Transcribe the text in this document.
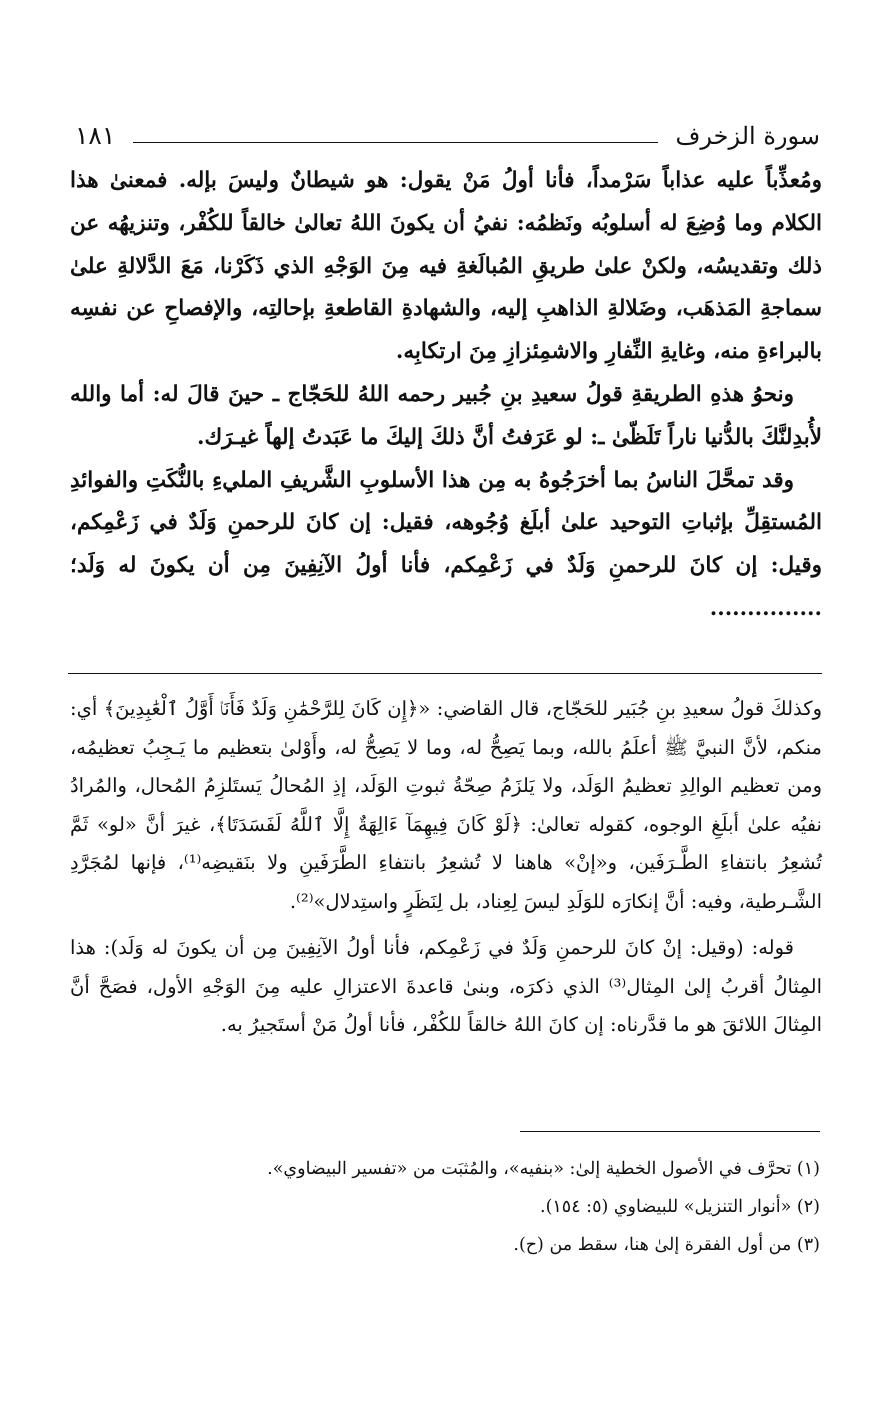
سورة الزخرف
١٨١

ومُعذِّباً عليه عذاباً سَرْمداً، فأنا أولُ مَنْ يقول: هو شيطانٌ وليسَ بإله. فمعنىٰ هذا الكلام وما وُضِعَ له أسلوبُه ونَظمُه: نفيُ أن يكونَ اللهُ تعالىٰ خالقاً للكُفْر، وتنزيهُه عن ذلك وتقديسُه، ولكنْ علىٰ طريقِ المُبالَغةِ فيه مِنَ الوَجْهِ الذي ذَكَرْنا، مَعَ الدَّلالةِ علىٰ سماجةِ المَذهَب، وضَلالةِ الذاهبِ إليه، والشهادةِ القاطعةِ بإحالتِه، والإفصاحِ عن نفسِه بالبراءةِ منه، وغايةِ النِّفارِ والاشمِئزازِ مِنَ ارتكابِه.

ونحوُ هذهِ الطريقةِ قولُ سعيدِ بنِ جُبير رحمه اللهُ للحَجّاج ـ حينَ قالَ له: أما والله لأُبدِلنَّكَ بالدُّنيا ناراً تَلَظّىٰ ـ: لو عَرَفتُ أنَّ ذلكَ إليكَ ما عَبَدتُ إلهاً غيـرَك.

وقد تمحَّلَ الناسُ بما أخرَجُوهُ به مِن هذا الأسلوبِ الشَّريفِ المليءِ بالنُّكَتِ والفوائدِ المُستقِلِّ بإثباتِ التوحيد علىٰ أبلَغ وُجُوهه، فقيل: إن كانَ للرحمنِ وَلَدٌ في زَعْمِكم، وقيل: إن كانَ للرحمنِ وَلَدٌ في زَعْمِكم، فأنا أولُ الآنِفِينَ مِن أن يكونَ له وَلَد؛ ...............

وكذلكَ قولُ سعيدِ بنِ جُبَير للحَجّاج، قال القاضي: «﴿إِن كَانَ لِلرَّحْمَٰنِ وَلَدٌ فَأَنَا۠ أَوَّلُ ٱلْعَٰبِدِينَ﴾ أي: منكم، لأنَّ النبيَّ ﷺ أعلَمُ بالله، وبما يَصِحُّ له، وما لا يَصِحُّ له، وأَوْلىٰ بتعظيم ما يَـجِبُ تعظيمُه، ومن تعظيم الوالِدِ تعظيمُ الوَلَد، ولا يَلزَمُ صِحّةُ ثبوتِ الوَلَد، إذِ المُحالُ يَستَلزِمُ المُحال، والمُرادُ نفيُه علىٰ أبلَغِ الوجوه، كقوله تعالىٰ: ﴿لَوْ كَانَ فِيهِمَآ ءَالِهَةٌ إِلَّا ٱللَّهُ لَفَسَدَتَا﴾، غيرَ أنَّ «لو» ثَمَّ تُشعِرُ بانتفاءِ الطَّـرَفَين، و«إنْ» هاهنا لا تُشعِرُ بانتفاءِ الطَّرَفَينِ ولا بنَقيضِه⁽¹⁾، فإنها لمُجَرَّدِ الشَّـرطية، وفيه: أنَّ إنكارَه للوَلَدِ ليسَ لِعِناد، بل لِنَظَرٍ واستِدلال»⁽²⁾.

قوله: (وقيل: إنْ كانَ للرحمنِ وَلَدٌ في زَعْمِكم، فأنا أولُ الآنِفِينَ مِن أن يكونَ له وَلَد): هذا المِثالُ أقربُ إلىٰ المِثال⁽³⁾ الذي ذكرَه، وبنىٰ قاعدةَ الاعتزالِ عليه مِنَ الوَجْهِ الأول، فصَحَّ أنَّ المِثالَ اللائقَ هو ما قدَّرناه: إن كانَ اللهُ خالقاً للكُفْر، فأنا أولُ مَنْ أستَجيرُ به.

(١) تحرَّف في الأصول الخطية إلىٰ: «بنفيه»، والمُثبَت من «تفسير البيضاوي».

(٢) «أنوار التنزيل» للبيضاوي (٥: ١٥٤).

(٣) من أول الفقرة إلىٰ هنا، سقط من (ح).
